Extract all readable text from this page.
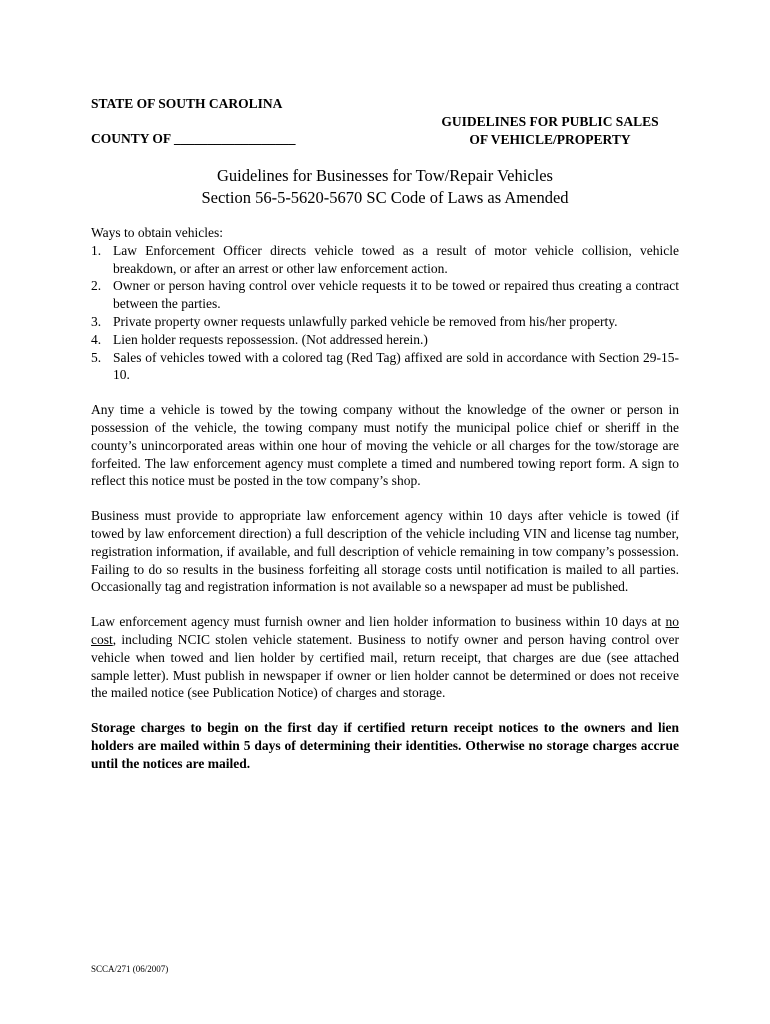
STATE OF SOUTH CAROLINA
GUIDELINES FOR PUBLIC SALES
OF VEHICLE/PROPERTY
COUNTY OF __________________
Guidelines for Businesses for Tow/Repair Vehicles
Section 56-5-5620-5670 SC Code of Laws as Amended

Ways to obtain vehicles:

1. Law Enforcement Officer directs vehicle towed as a result of motor vehicle collision, vehicle breakdown, or after an arrest or other law enforcement action.
2. Owner or person having control over vehicle requests it to be towed or repaired thus creating a contract between the parties.
3. Private property owner requests unlawfully parked vehicle be removed from his/her property.
4. Lien holder requests repossession. (Not addressed herein.)
5. Sales of vehicles towed with a colored tag (Red Tag) affixed are sold in accordance with Section 29-15-10.

Any time a vehicle is towed by the towing company without the knowledge of the owner or person in possession of the vehicle, the towing company must notify the municipal police chief or sheriff in the county’s unincorporated areas within one hour of moving the vehicle or all charges for the tow/storage are forfeited. The law enforcement agency must complete a timed and numbered towing report form. A sign to reflect this notice must be posted in the tow company’s shop.

Business must provide to appropriate law enforcement agency within 10 days after vehicle is towed (if towed by law enforcement direction) a full description of the vehicle including VIN and license tag number, registration information, if available, and full description of vehicle remaining in tow company’s possession. Failing to do so results in the business forfeiting all storage costs until notification is mailed to all parties. Occasionally tag and registration information is not available so a newspaper ad must be published.

Law enforcement agency must furnish owner and lien holder information to business within 10 days at no cost, including NCIC stolen vehicle statement. Business to notify owner and person having control over vehicle when towed and lien holder by certified mail, return receipt, that charges are due (see attached sample letter). Must publish in newspaper if owner or lien holder cannot be determined or does not receive the mailed notice (see Publication Notice) of charges and storage.

Storage charges to begin on the first day if certified return receipt notices to the owners and lien holders are mailed within 5 days of determining their identities. Otherwise no storage charges accrue until the notices are mailed.

SCCA/271 (06/2007)
